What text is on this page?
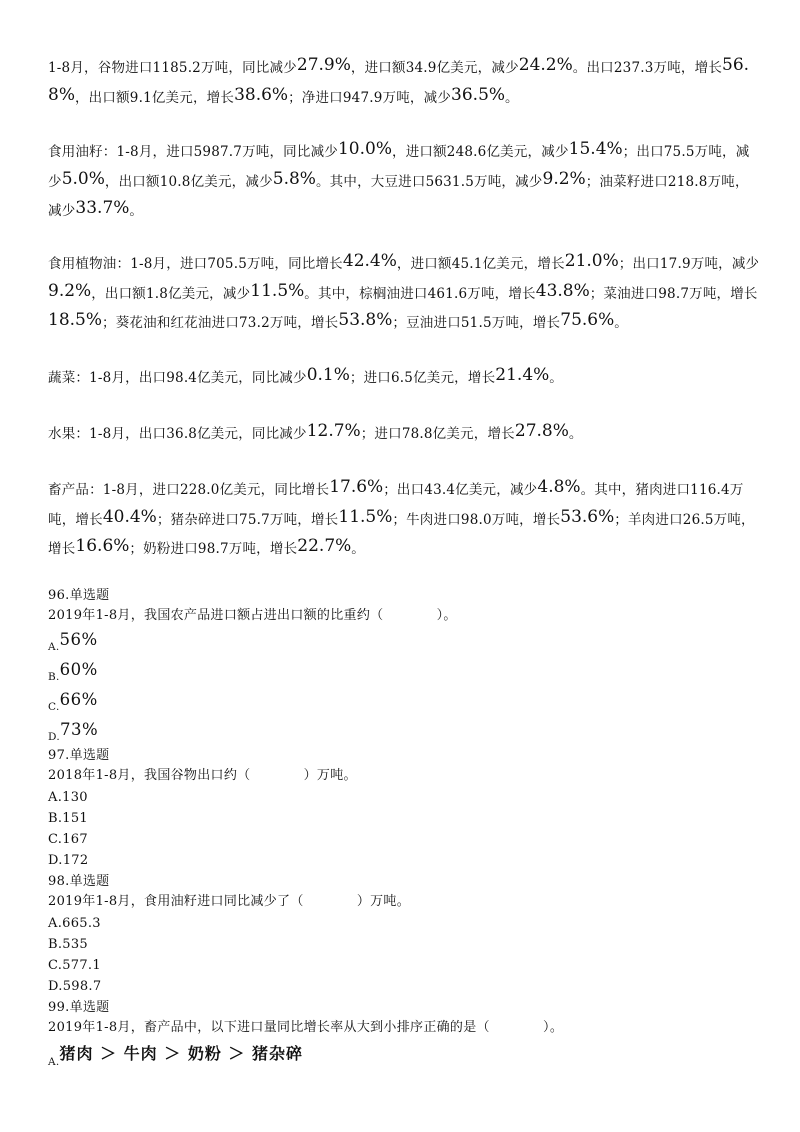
1-8月，谷物进口1185.2万吨，同比减少27.9%，进口额34.9亿美元，减少24.2%。出口237.3万吨，增长56.8%，出口额9.1亿美元，增长38.6%；净进口947.9万吨，减少36.5%。
食用油籽：1-8月，进口5987.7万吨，同比减少10.0%，进口额248.6亿美元，减少15.4%；出口75.5万吨，减少5.0%，出口额10.8亿美元，减少5.8%。其中，大豆进口5631.5万吨，减少9.2%；油菜籽进口218.8万吨，减少33.7%。
食用植物油：1-8月，进口705.5万吨，同比增长42.4%，进口额45.1亿美元，增长21.0%；出口17.9万吨，减少9.2%，出口额1.8亿美元，减少11.5%。其中，棕榈油进口461.6万吨，增长43.8%；菜油进口98.7万吨，增长18.5%；葵花油和红花油进口73.2万吨，增长53.8%；豆油进口51.5万吨，增长75.6%。
蔬菜：1-8月，出口98.4亿美元，同比减少0.1%；进口6.5亿美元，增长21.4%。
水果：1-8月，出口36.8亿美元，同比减少12.7%；进口78.8亿美元，增长27.8%。
畜产品：1-8月，进口228.0亿美元，同比增长17.6%；出口43.4亿美元，减少4.8%。其中，猪肉进口116.4万吨，增长40.4%；猪杂碎进口75.7万吨，增长11.5%；牛肉进口98.0万吨，增长53.6%；羊肉进口26.5万吨，增长16.6%；奶粉进口98.7万吨，增长22.7%。
96.单选题
2019年1-8月，我国农产品进口额占进出口额的比重约（　　　　）。
A.56%
B.60%
C.66%
D.73%
97.单选题
2018年1-8月，我国谷物出口约（　　　　）万吨。
A.130
B.151
C.167
D.172
98.单选题
2019年1-8月，食用油籽进口同比减少了（　　　　）万吨。
A.665.3
B.535
C.577.1
D.598.7
99.单选题
2019年1-8月，畜产品中，以下进口量同比增长率从大到小排序正确的是（　　　　）。
A.猪肉 ＞ 牛肉 ＞ 奶粉 ＞ 猪杂碎
